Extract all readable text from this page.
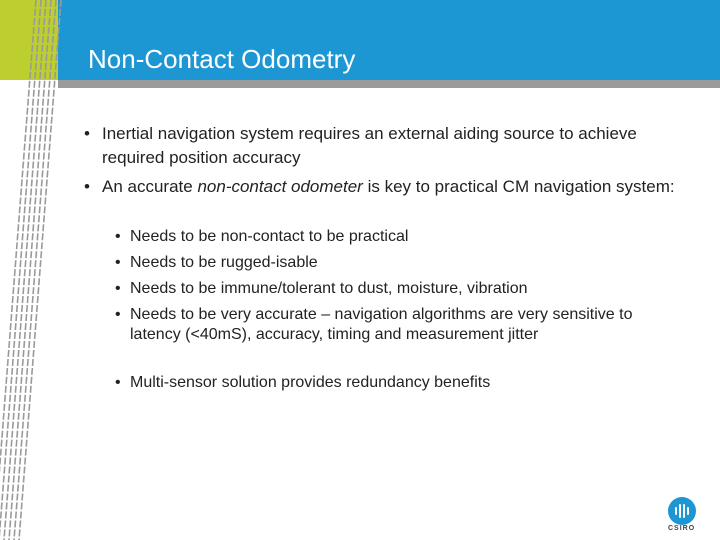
Non-Contact Odometry
• Inertial navigation system requires an external aiding source to achieve required position accuracy
• An accurate non-contact odometer is key to practical CM navigation system:
• Needs to be non-contact to be practical
• Needs to be rugged-isable
• Needs to be immune/tolerant to dust, moisture, vibration
• Needs to be very accurate – navigation algorithms are very sensitive to latency (<40mS), accuracy, timing and measurement jitter
• Multi-sensor solution provides redundancy benefits
CSIRO
